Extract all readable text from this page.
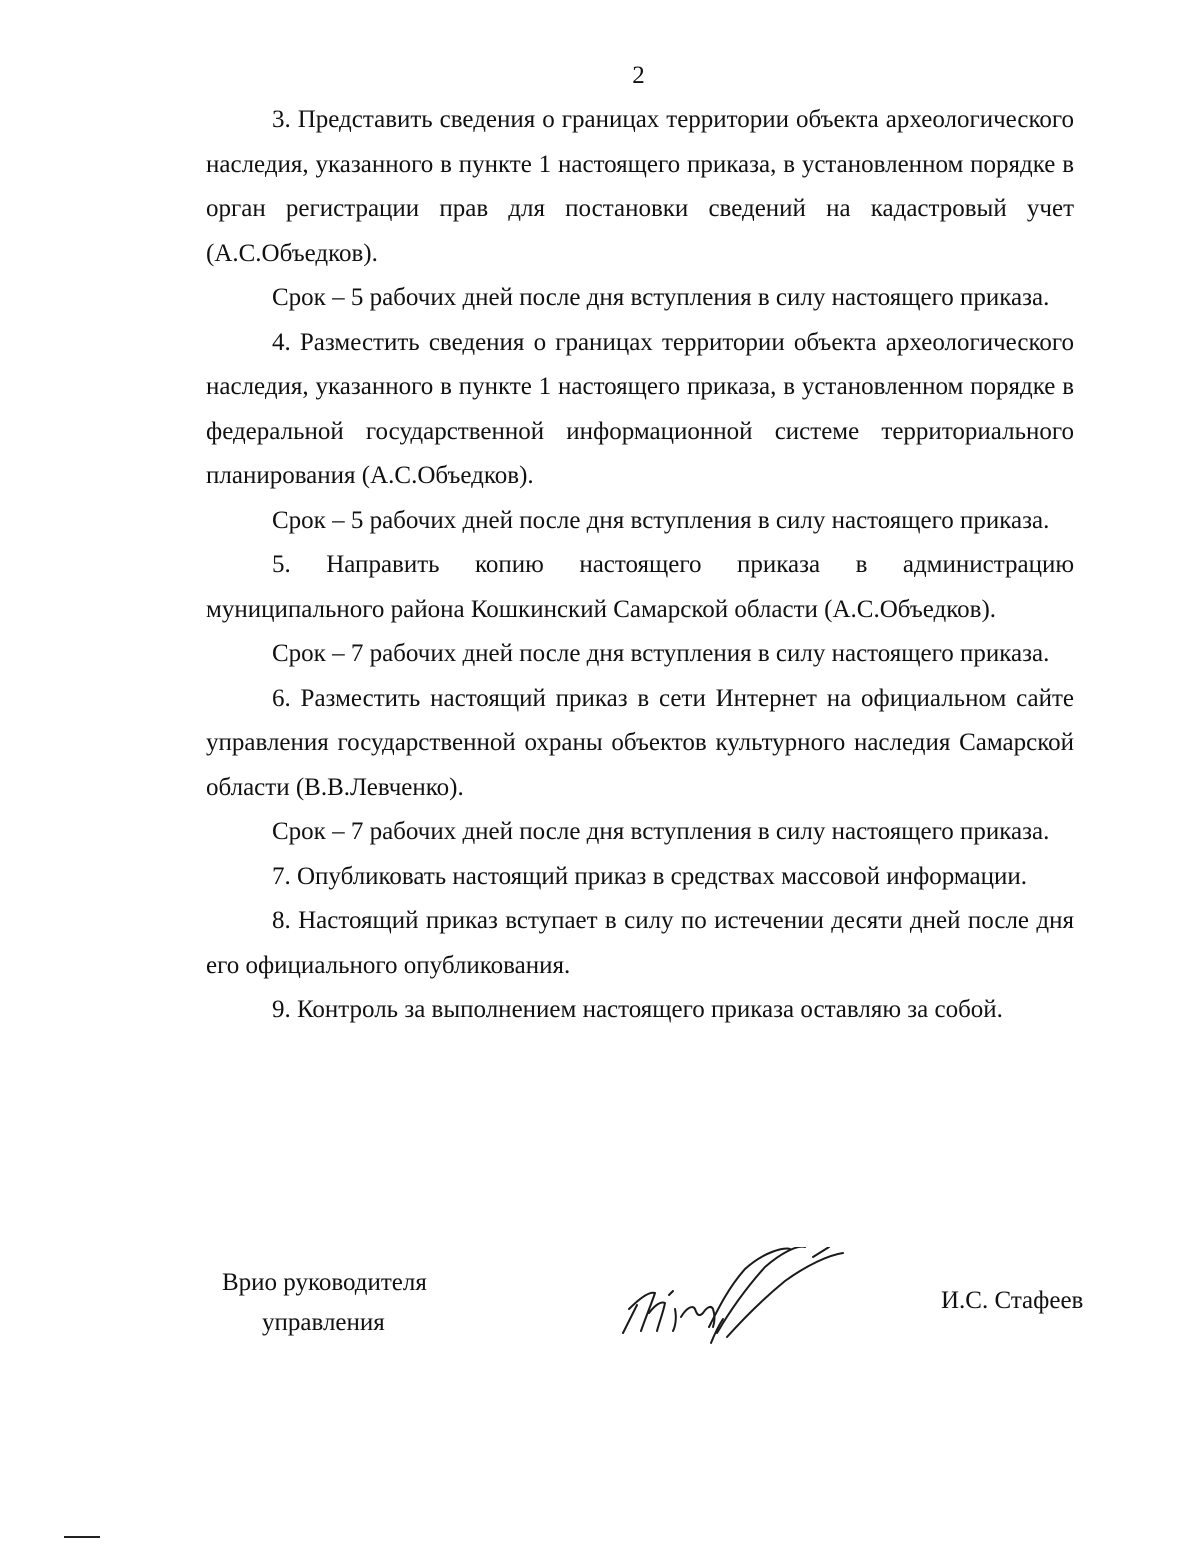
2

3. Представить сведения о границах территории объекта археологического наследия, указанного в пункте 1 настоящего приказа, в установленном порядке в орган регистрации прав для постановки сведений на кадастровый учет (А.С.Объедков).

Срок – 5 рабочих дней после дня вступления в силу настоящего приказа.

4. Разместить сведения о границах территории объекта археологического наследия, указанного в пункте 1 настоящего приказа, в установленном порядке в федеральной государственной информационной системе территориального планирования (А.С.Объедков).

Срок – 5 рабочих дней после дня вступления в силу настоящего приказа.

5. Направить копию настоящего приказа в администрацию муниципального района Кошкинский Самарской области (А.С.Объедков).

Срок – 7 рабочих дней после дня вступления в силу настоящего приказа.

6. Разместить настоящий приказ в сети Интернет на официальном сайте управления государственной охраны объектов культурного наследия Самарской области (В.В.Левченко).

Срок – 7 рабочих дней после дня вступления в силу настоящего приказа.

7. Опубликовать настоящий приказ в средствах массовой информации.

8. Настоящий приказ вступает в силу по истечении десяти дней после дня его официального опубликования.

9. Контроль за выполнением настоящего приказа оставляю за собой.

Врио руководителя
управления
И.С. Стафеев
